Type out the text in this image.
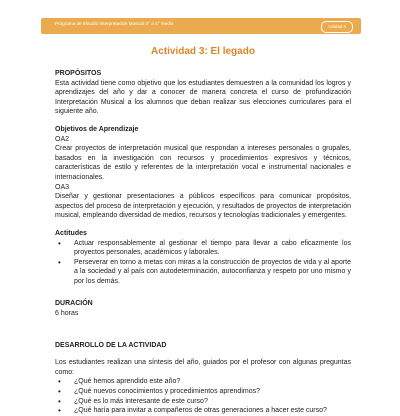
Programa de Estudio Interpretación Musical 3° a 4° medio	Unidad 4
Actividad 3: El legado
PROPÓSITOS

Esta actividad tiene como objetivo que los estudiantes demuestren a la comunidad los logros y aprendizajes del año y dar a conocer de manera concreta el curso de profundización Interpretación Musical a los alumnos que deban realizar sus elecciones curriculares para el siguiente año.

Objetivos de Aprendizaje
OA2

Crear proyectos de interpretación musical que respondan a intereses personales o grupales, basados en la investigación con recursos y procedimientos expresivos y técnicos, características de estilo y referentes de la interpretación vocal e instrumental nacionales e internacionales.

OA3

Diseñar y gestionar presentaciones a públicos específicos para comunicar propósitos, aspectos del proceso de interpretación y ejecución, y resultados de proyectos de interpretación musical, empleando diversidad de medios, recursos y tecnologías tradicionales y emergentes.

Actitudes
• Actuar responsablemente al gestionar el tiempo para llevar a cabo eficazmente los proyectos personales, académicos y laborales.
• Perseverar en torno a metas con miras a la construcción de proyectos de vida y al aporte a la sociedad y al país con autodeterminación, autoconfianza y respeto por uno mismo y por los demás.
DURACIÓN

6 horas

DESARROLLO DE LA ACTIVIDAD

Los estudiantes realizan una síntesis del año, guiados por el profesor con algunas preguntas como:

• ¿Qué hemos aprendido este año?
• ¿Qué nuevos conocimientos y procedimientos aprendimos?
• ¿Qué es lo más interesante de este curso?
• ¿Qué haría para invitar a compañeros de otras generaciones a hacer este curso?
